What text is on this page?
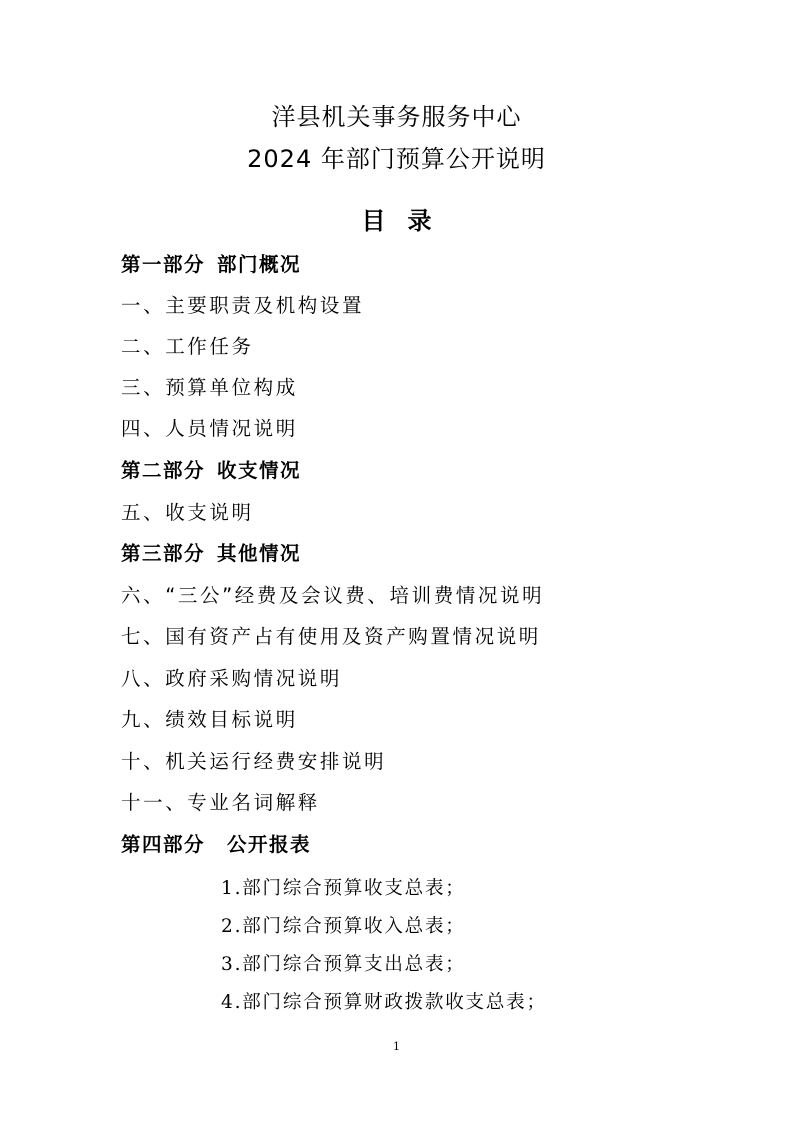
洋县机关事务服务中心
2024 年部门预算公开说明
目 录
第一部分 部门概况
一、主要职责及机构设置
二、工作任务
三、预算单位构成
四、人员情况说明
第二部分 收支情况
五、收支说明
第三部分 其他情况
六、“三公”经费及会议费、培训费情况说明
七、国有资产占有使用及资产购置情况说明
八、政府采购情况说明
九、绩效目标说明
十、机关运行经费安排说明
十一、专业名词解释
第四部分 公开报表
1.部门综合预算收支总表；
2.部门综合预算收入总表；
3.部门综合预算支出总表；
4.部门综合预算财政拨款收支总表；
1
